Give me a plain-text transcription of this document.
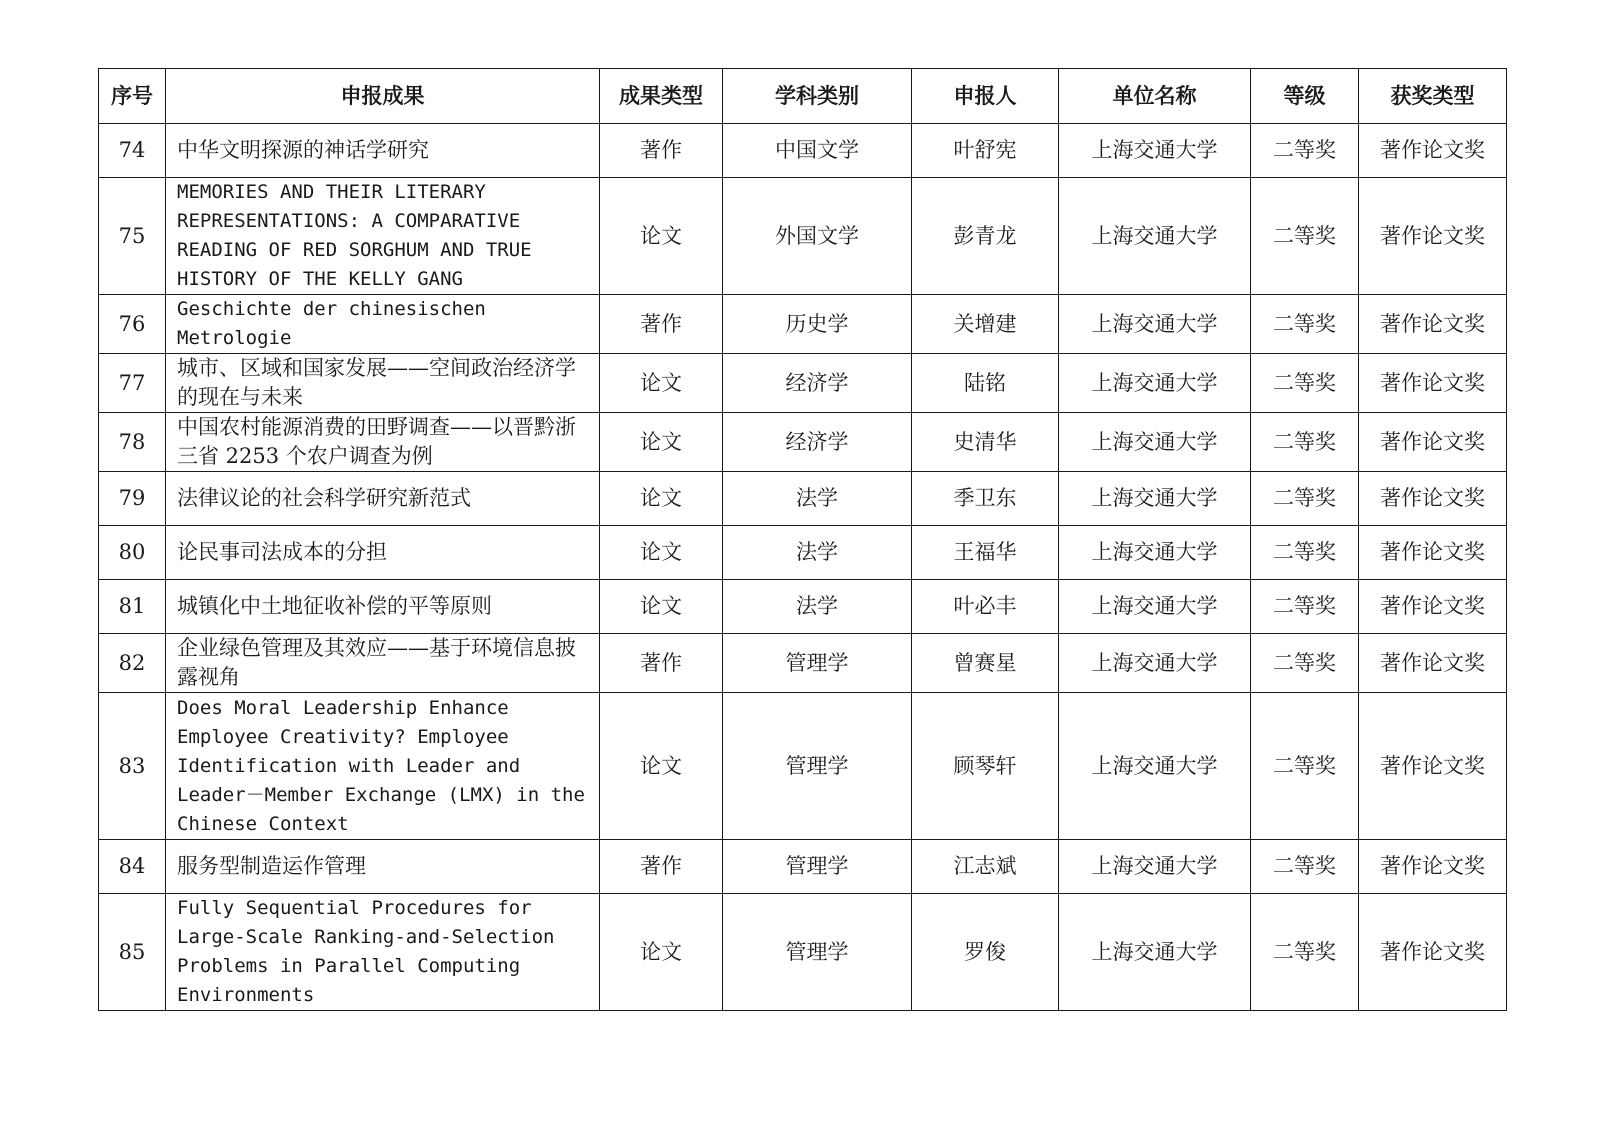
序号	申报成果	成果类型	学科类别	申报人	单位名称	等级	获奖类型
74	中华文明探源的神话学研究	著作	中国文学	叶舒宪	上海交通大学	二等奖	著作论文奖
75	MEMORIES AND THEIR LITERARY REPRESENTATIONS: A COMPARATIVE READING OF RED SORGHUM AND TRUE HISTORY OF THE KELLY GANG	论文	外国文学	彭青龙	上海交通大学	二等奖	著作论文奖
76	Geschichte der chinesischen Metrologie	著作	历史学	关增建	上海交通大学	二等奖	著作论文奖
77	城市、区域和国家发展——空间政治经济学的现在与未来	论文	经济学	陆铭	上海交通大学	二等奖	著作论文奖
78	中国农村能源消费的田野调查——以晋黔浙三省 2253 个农户调查为例	论文	经济学	史清华	上海交通大学	二等奖	著作论文奖
79	法律议论的社会科学研究新范式	论文	法学	季卫东	上海交通大学	二等奖	著作论文奖
80	论民事司法成本的分担	论文	法学	王福华	上海交通大学	二等奖	著作论文奖
81	城镇化中土地征收补偿的平等原则	论文	法学	叶必丰	上海交通大学	二等奖	著作论文奖
82	企业绿色管理及其效应——基于环境信息披露视角	著作	管理学	曾赛星	上海交通大学	二等奖	著作论文奖
83	Does Moral Leadership Enhance Employee Creativity? Employee Identification with Leader and Leader－Member Exchange (LMX) in the Chinese Context	论文	管理学	顾琴轩	上海交通大学	二等奖	著作论文奖
84	服务型制造运作管理	著作	管理学	江志斌	上海交通大学	二等奖	著作论文奖
85	Fully Sequential Procedures for Large-Scale Ranking-and-Selection Problems in Parallel Computing Environments	论文	管理学	罗俊	上海交通大学	二等奖	著作论文奖
